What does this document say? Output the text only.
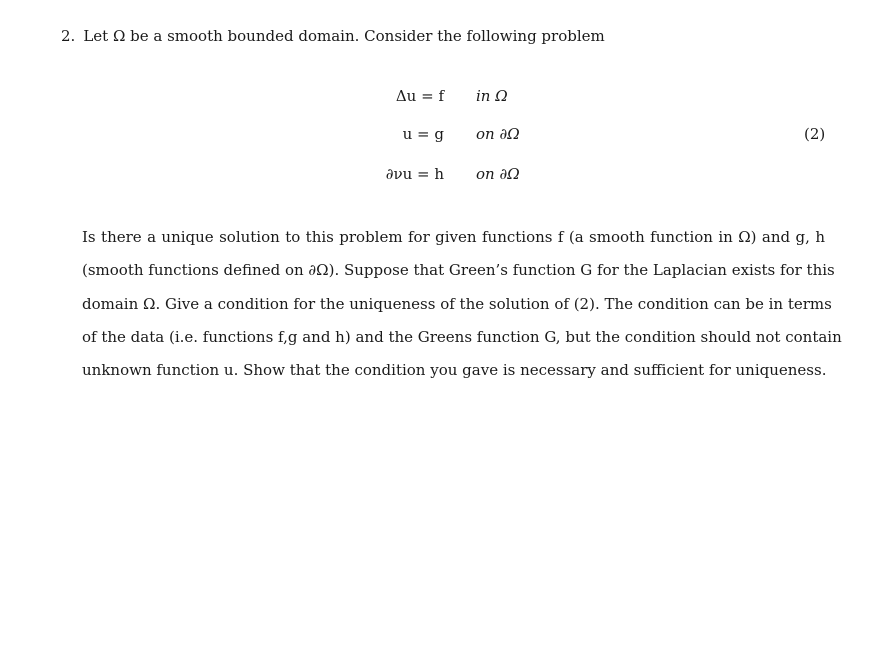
2. Let Ω be a smooth bounded domain. Consider the following problem
Δu = f in Ω
u = g on ∂Ω
∂νu = h on ∂Ω
(2)
Is there a unique solution to this problem for given functions f (a smooth function in Ω) and g, h
(smooth functions defined on ∂Ω). Suppose that Green’s function G for the Laplacian exists for this
domain Ω. Give a condition for the uniqueness of the solution of (2). The condition can be in terms
of the data (i.e. functions f,g and h) and the Greens function G, but the condition should not contain
unknown function u. Show that the condition you gave is necessary and sufficient for uniqueness.
